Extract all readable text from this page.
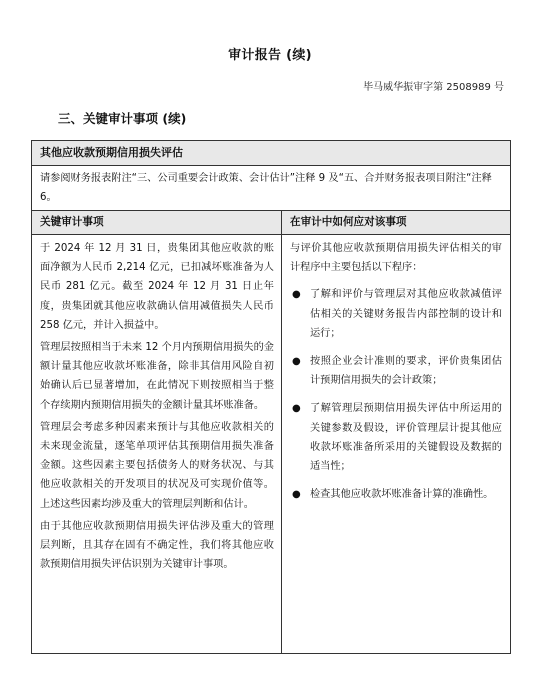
审计报告 (续)
毕马威华振审字第 2508989 号
三、关键审计事项 (续)
其他应收款预期信用损失评估
请参阅财务报表附注“三、公司重要会计政策、会计估计”注释 9 及“五、合并财务报表项目附注“注释 6。
关键审计事项	在审计中如何应对该事项

于 2024 年 12 月 31 日，贵集团其他应收款的账面净额为人民币 2,214 亿元，已扣减坏账准备为人民币 281 亿元。截至 2024 年 12 月 31 日止年度，贵集团就其他应收款确认信用减值损失人民币 258 亿元，并计入损益中。

管理层按照相当于未来 12 个月内预期信用损失的金额计量其他应收款坏账准备，除非其信用风险自初始确认后已显著增加，在此情况下则按照相当于整个存续期内预期信用损失的金额计量其坏账准备。

管理层会考虑多种因素来预计与其他应收款相关的未来现金流量，逐笔单项评估其预期信用损失准备金额。这些因素主要包括债务人的财务状况、与其他应收款相关的开发项目的状况及可实现价值等。上述这些因素均涉及重大的管理层判断和估计。

由于其他应收款预期信用损失评估涉及重大的管理层判断，且其存在固有不确定性，我们将其他应收款预期信用损失评估识别为关键审计事项。

与评价其他应收款预期信用损失评估相关的审计程序中主要包括以下程序：

● 了解和评价与管理层对其他应收款减值评估相关的关键财务报告内部控制的设计和运行；
● 按照企业会计准则的要求，评价贵集团估计预期信用损失的会计政策；
● 了解管理层预期信用损失评估中所运用的关键参数及假设，评价管理层计提其他应收款坏账准备所采用的关键假设及数据的适当性；
● 检查其他应收款坏账准备计算的准确性。
